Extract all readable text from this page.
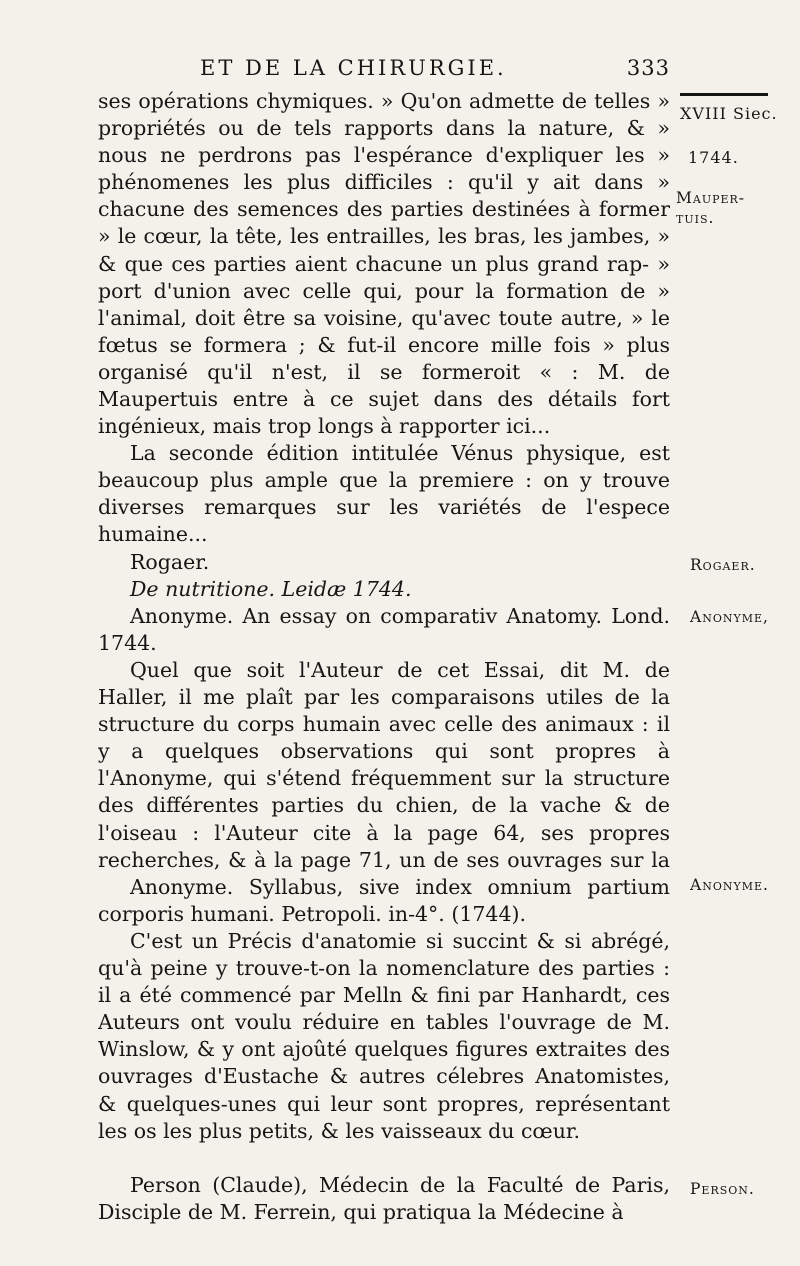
ET DE LA CHIRURGIE.	333
XVIII Siec.
1744.
Mauper-tuis.
Rogaer.
Anonyme,
Anonyme.
Person.

ses opérations chymiques. » Qu'on admette de telles » propriétés ou de tels rapports dans la nature, & » nous ne perdrons pas l'espérance d'expliquer les » phénomenes les plus difficiles : qu'il y ait dans » chacune des semences des parties destinées à former » le cœur, la tête, les entrailles, les bras, les jambes, » & que ces parties aient chacune un plus grand rap- » port d'union avec celle qui, pour la formation de » l'animal, doit être sa voisine, qu'avec toute autre, » le fœtus se formera ; & fut-il encore mille fois » plus organisé qu'il n'est, il se formeroit « : M. de Maupertuis entre à ce sujet dans des détails fort ingénieux, mais trop longs à rapporter ici...

La seconde édition intitulée Vénus physique, est beaucoup plus ample que la premiere : on y trouve diverses remarques sur les variétés de l'espece humaine...

Rogaer.

De nutritione. Leidæ 1744.

Anonyme. An essay on comparativ Anatomy. Lond. 1744.

Quel que soit l'Auteur de cet Essai, dit M. de Haller, il me plaît par les comparaisons utiles de la structure du corps humain avec celle des animaux : il y a quelques observations qui sont propres à l'Anonyme, qui s'étend fréquemment sur la structure des différentes parties du chien, de la vache & de l'oiseau : l'Auteur cite à la page 64, ses propres recherches, & à la page 71, un de ses ouvrages sur la

Anonyme. Syllabus, sive index omnium partium corporis humani. Petropoli. in-4°. (1744).

C'est un Précis d'anatomie si succint & si abrégé, qu'à peine y trouve-t-on la nomenclature des parties : il a été commencé par Melln & fini par Hanhardt, ces Auteurs ont voulu réduire en tables l'ouvrage de M. Winslow, & y ont ajoûté quelques figures extraites des ouvrages d'Eustache & autres célebres Anatomistes, & quelques-unes qui leur sont propres, représentant les os les plus petits, & les vaisseaux du cœur.

Person (Claude), Médecin de la Faculté de Paris, Disciple de M. Ferrein, qui pratiqua la Médecine à
